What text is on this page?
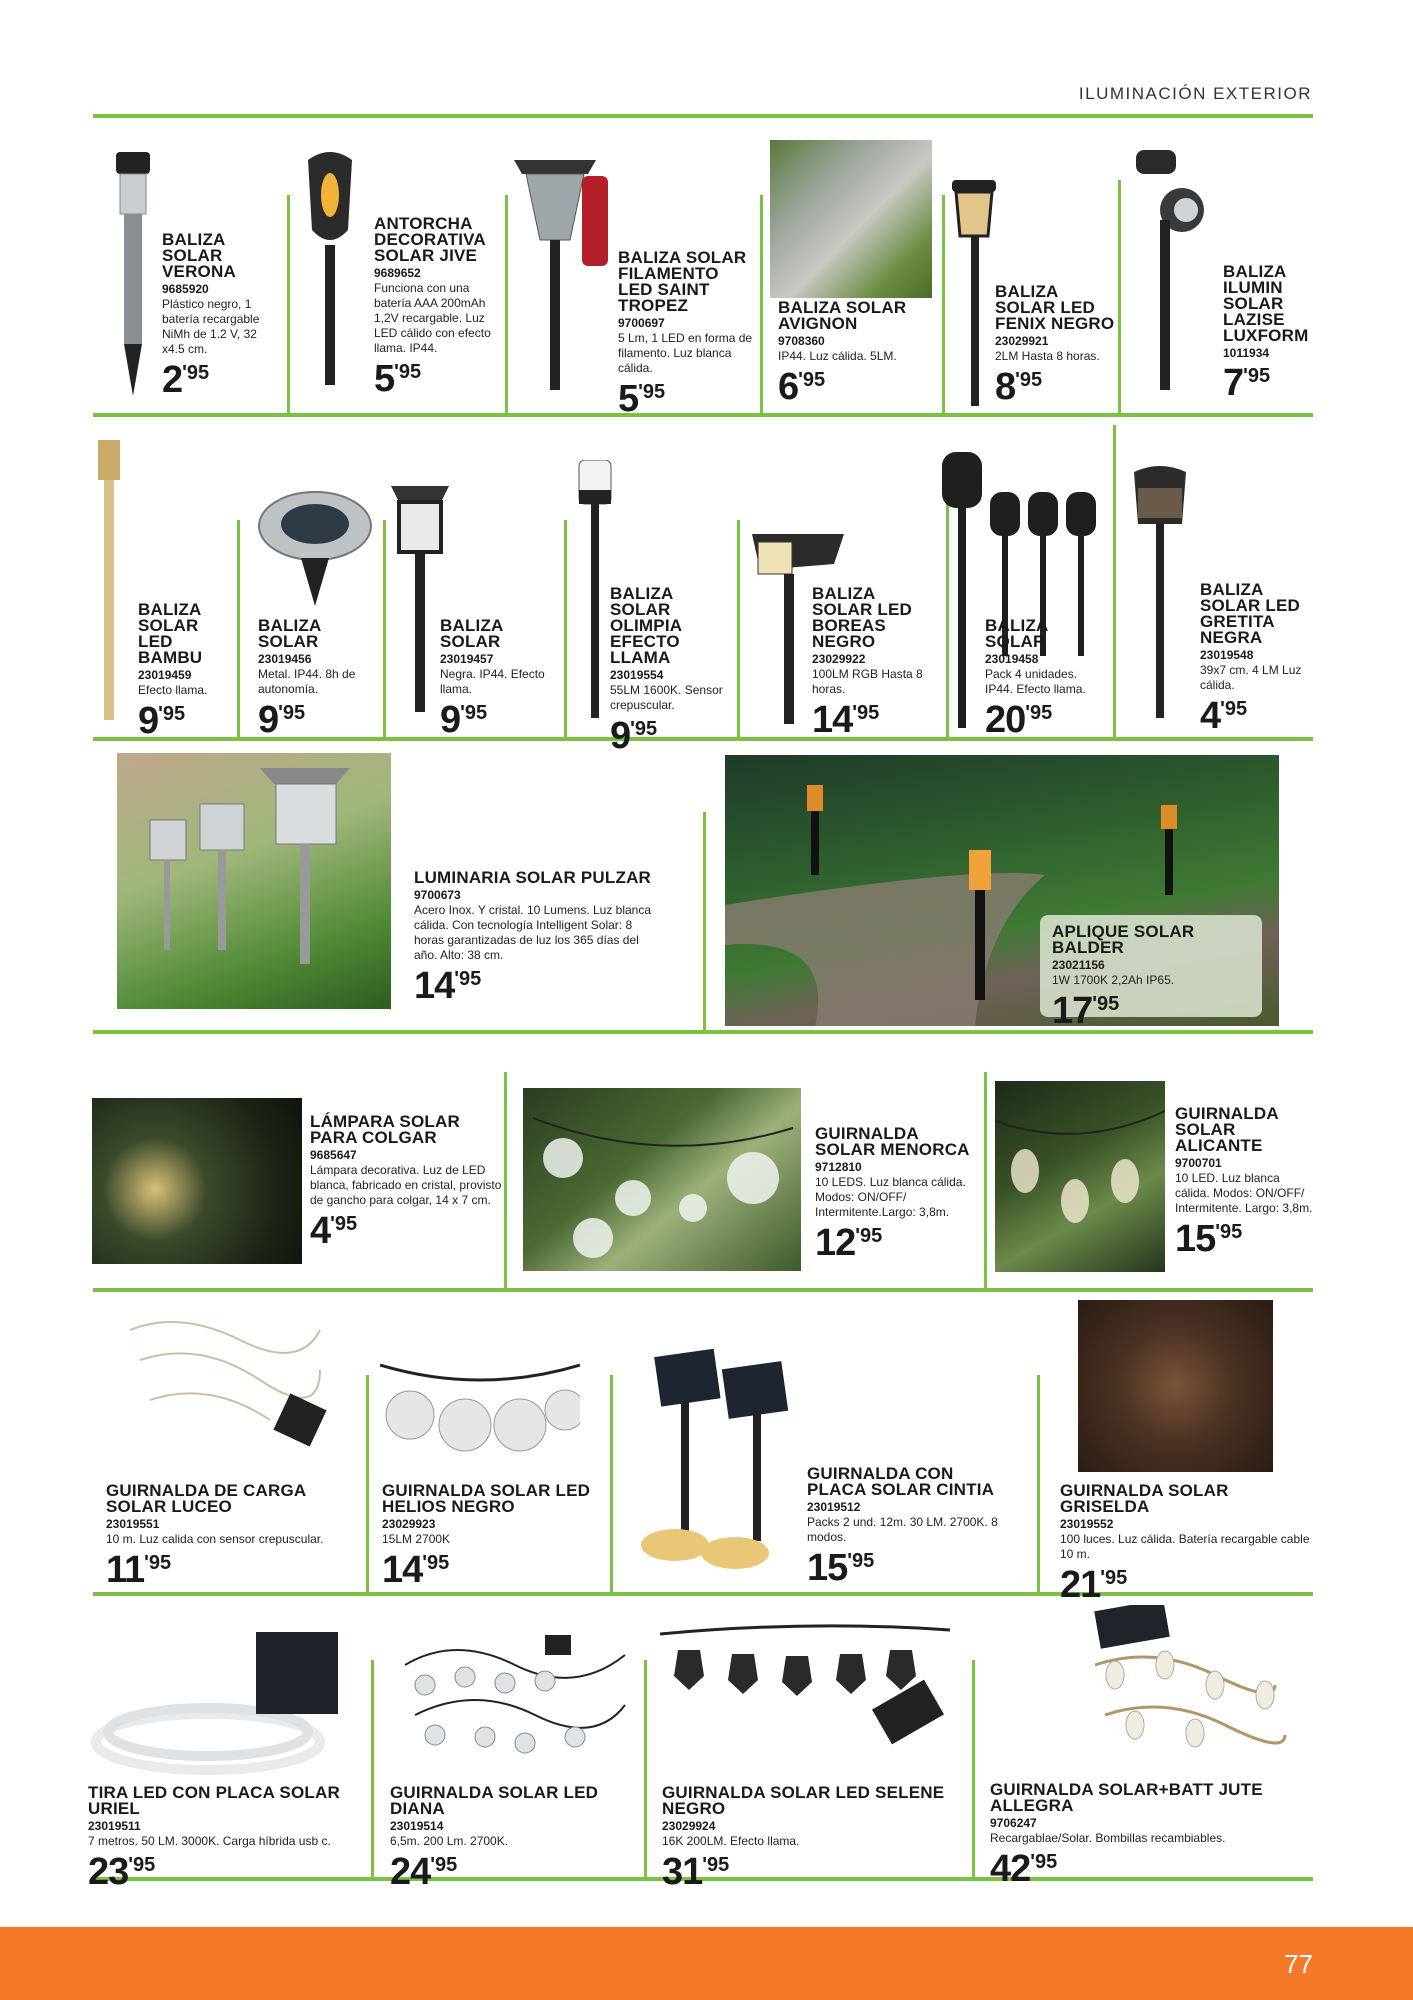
ILUMINACIÓN EXTERIOR
BALIZA SOLAR VERONA
9685920
Plástico negro, 1 batería recargable NiMh de 1.2 V, 32 x4.5 cm.
$2^{'95}$
ANTORCHA DECORATIVA SOLAR JIVE
9689652
Funciona con una batería AAA 200mAh 1,2V recargable. Luz LED cálido con efecto llama. IP44.
$5^{'95}$
BALIZA SOLAR FILAMENTO LED SAINT TROPEZ
9700697
5 Lm, 1 LED en forma de filamento. Luz blanca cálida.
$5^{'95}$
BALIZA SOLAR AVIGNON
9708360
IP44. Luz cálida. 5LM.
$6^{'95}$
BALIZA SOLAR LED FENIX NEGRO
23029921
2LM Hasta 8 horas.
$8^{'95}$
BALIZA ILUMIN SOLAR LAZISE LUXFORM
1011934
$7^{'95}$
BALIZA SOLAR LED BAMBU
23019459
Efecto llama.
$9^{'95}$
BALIZA SOLAR
23019456
Metal. IP44. 8h de autonomía.
$9^{'95}$
BALIZA SOLAR
23019457
Negra. IP44. Efecto llama.
$9^{'95}$
BALIZA SOLAR OLIMPIA EFECTO LLAMA
23019554
55LM 1600K. Sensor crepuscular.
$9^{'95}$
BALIZA SOLAR LED BOREAS NEGRO
23029922
100LM RGB Hasta 8 horas.
$14^{'95}$
BALIZA SOLAR
23019458
Pack 4 unidades. IP44. Efecto llama.
$20^{'95}$
BALIZA SOLAR LED GRETITA NEGRA
23019548
39x7 cm. 4 LM Luz cálida.
$4^{'95}$
LUMINARIA SOLAR PULZAR
9700673
Acero Inox. Y cristal. 10 Lumens. Luz blanca cálida. Con tecnología Intelligent Solar: 8 horas garantizadas de luz los 365 días del año. Alto: 38 cm.
$14^{'95}$
APLIQUE SOLAR BALDER
23021156
1W 1700K 2,2Ah IP65.
$17^{'95}$
LÁMPARA SOLAR PARA COLGAR
9685647
Lámpara decorativa. Luz de LED blanca, fabricado en cristal, provisto de gancho para colgar, 14 x 7 cm.
$4^{'95}$
GUIRNALDA SOLAR MENORCA
9712810
10 LEDS. Luz blanca cálida. Modos: ON/OFF/ Intermitente.Largo: 3,8m.
$12^{'95}$
GUIRNALDA SOLAR ALICANTE
9700701
10 LED. Luz blanca cálida. Modos: ON/OFF/ Intermitente. Largo: 3,8m.
$15^{'95}$
GUIRNALDA DE CARGA SOLAR LUCEO
23019551
10 m. Luz calida con sensor crepuscular.
$11^{'95}$
GUIRNALDA SOLAR LED HELIOS NEGRO
23029923
15LM 2700K
$14^{'95}$
GUIRNALDA CON PLACA SOLAR CINTIA
23019512
Packs 2 und. 12m. 30 LM. 2700K. 8 modos.
$15^{'95}$
GUIRNALDA SOLAR GRISELDA
23019552
100 luces. Luz cálida. Batería recargable cable 10 m.
$21^{'95}$
TIRA LED CON PLACA SOLAR URIEL
23019511
7 metros. 50 LM. 3000K. Carga híbrida usb c.
$23^{'95}$
GUIRNALDA SOLAR LED DIANA
23019514
6,5m. 200 Lm. 2700K.
$24^{'95}$
GUIRNALDA SOLAR LED SELENE NEGRO
23029924
16K 200LM. Efecto llama.
$31^{'95}$
GUIRNALDA SOLAR+BATT JUTE ALLEGRA
9706247
Recargablae/Solar. Bombillas recambiables.
$42^{'95}$
77
